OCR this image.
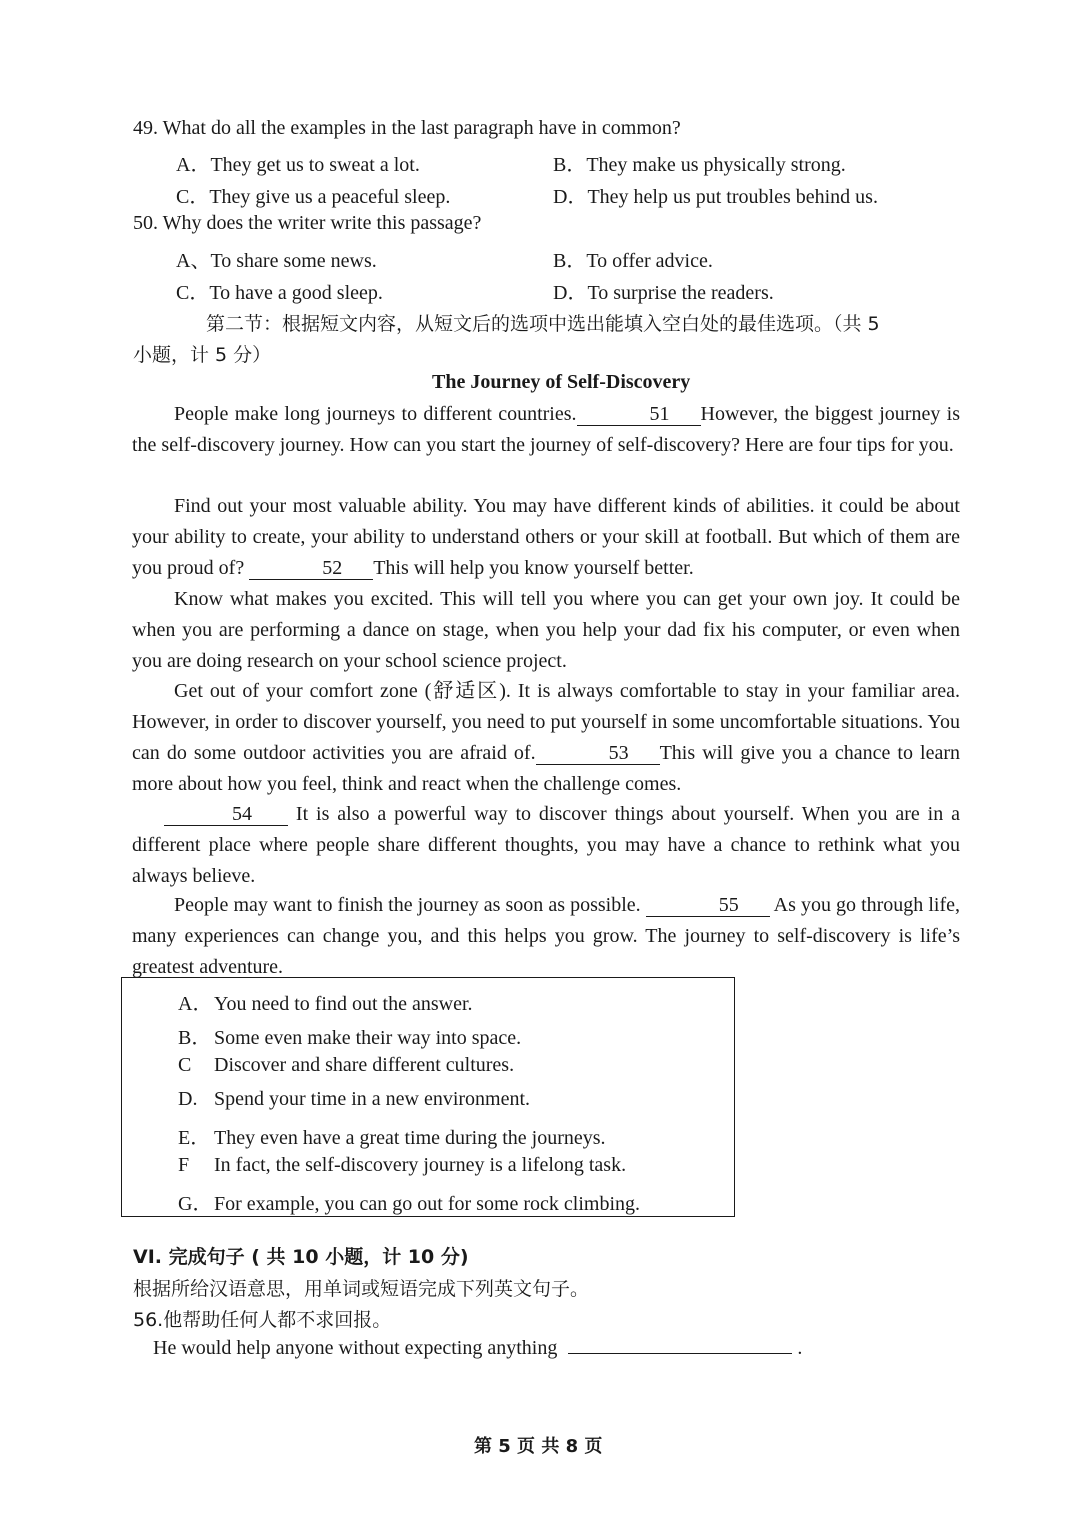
49. What do all the examples in the last paragraph have in common?
A．They get us to sweat a lot.	B．They make us physically strong.
C．They give us a peaceful sleep.	D．They help us put troubles behind us.
50. Why does the writer write this passage?
A、To share some news.	B．To offer advice.
C．To have a good sleep.	D．To surprise the readers.
第二节：根据短文内容，从短文后的选项中选出能填入空白处的最佳选项。（共 5
小题，计 5 分）
The Journey of Self-Discovery
People make long journeys to different countries.	51 However, the biggest journey is the self-discovery journey. How can you start the journey of self-discovery? Here are four tips for you.
Find out your most valuable ability. You may have different kinds of abilities. it could be about your ability to create, your ability to understand others or your skill at football. But which of them are you proud of?	52 This will help you know yourself better.
Know what makes you excited. This will tell you where you can get your own joy. It could be when you are performing a dance on stage, when you help your dad fix his computer, or even when you are doing research on your school science project.
Get out of your comfort zone (舒适区). It is always comfortable to stay in your familiar area. However, in order to discover yourself, you need to put yourself in some uncomfortable situations. You can do some outdoor activities you are afraid of.	53 This will give you a chance to learn more about how you feel, think and react when the challenge comes.
54 It is also a powerful way to discover things about yourself. When you are in a different place where people share different thoughts, you may have a chance to rethink what you always believe.
People may want to finish the journey as soon as possible.	55 As you go through life, many experiences can change you, and this helps you grow. The journey to self-discovery is life’s greatest adventure.
A．You need to find out the answer.
B． Some even make their way into space.
C Discover and share different cultures.
D. Spend your time in a new environment.
E． They even have a great time during the journeys.
F In fact, the self-discovery journey is a lifelong task.
G．For example, you can go out for some rock climbing.
VI. 完成句子 ( 共 10 小题，计 10 分)
根据所给汉语意思，用单词或短语完成下列英文句子。
56.他帮助任何人都不求回报。
He would help anyone without expecting anything	.
第 5 页 共 8 页
